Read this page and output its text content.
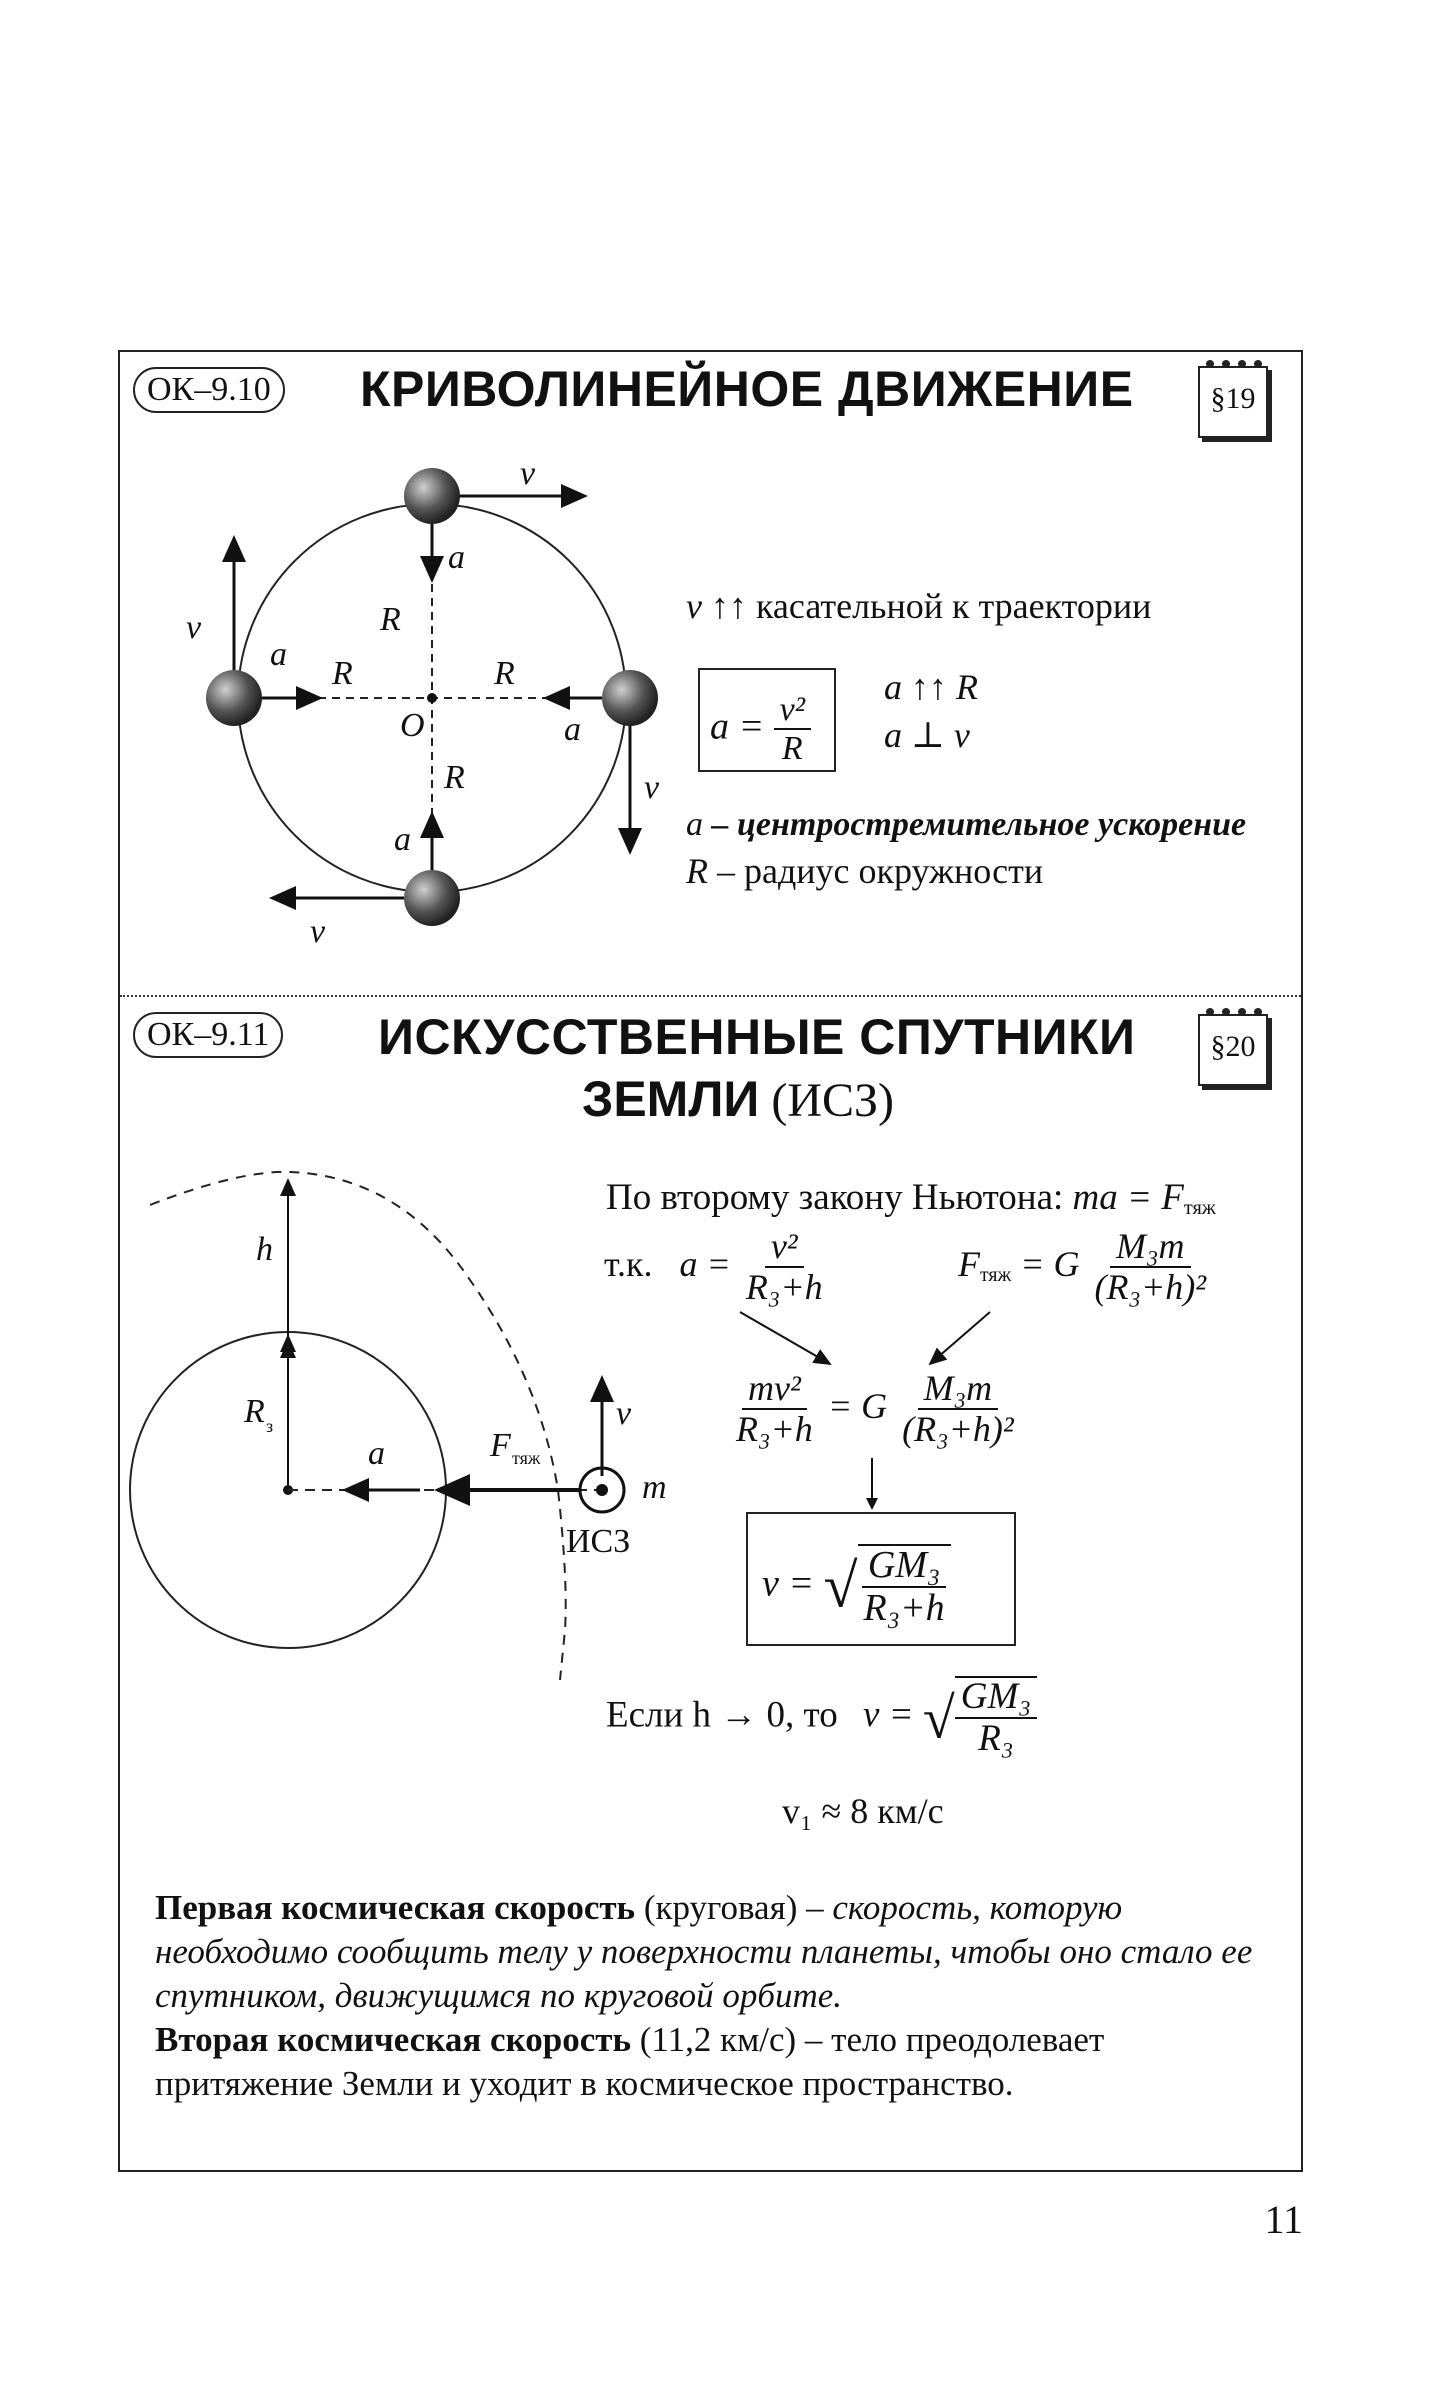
ОК–9.10 КРИВОЛИНЕЙНОЕ ДВИЖЕНИЕ	§19
v
a
R
v
a
R	R
O	a
v
R
a
v
v ↑↑ касательной к траектории
$a = \frac{\text{v²}}{R}$
a ↑↑ R
a ⊥ v
a – центростремительное ускорение
R – радиус окружности
ОК–9.11 ИСКУССТВЕННЫЕ СПУТНИКИ
ЗЕМЛИ (ИСЗ)
§20
h
R
a	F
v
m
з
тяж
ИСЗ
По второму закону Ньютона: ma = $F_{тяж}$
т.к. $a = \frac{\text{v²}}{\text{R₃+h}}$	$F_{тяж} = G \frac{\text{M₃m}}{\text{(R₃+h)²}}$
$\frac{\text{mv²}}{\text{R₃+h}} = G \frac{\text{M₃m}}{\text{(R₃+h)²}}$
v = √ $\frac{\text{GM₃}}{\text{R₃+h}}$
Если h → 0, то v = √ $\frac{\text{GM₃}}{\text{R₃}}$
v₁ ≈ 8 км/с
Первая космическая скорость (круговая) – скорость, которую необходимо сообщить телу у поверхности планеты, чтобы оно стало ее спутником, движущимся по круговой орбите.
Вторая космическая скорость (11,2 км/с) – тело преодолевает притяжение Земли и уходит в космическое пространство.
11
